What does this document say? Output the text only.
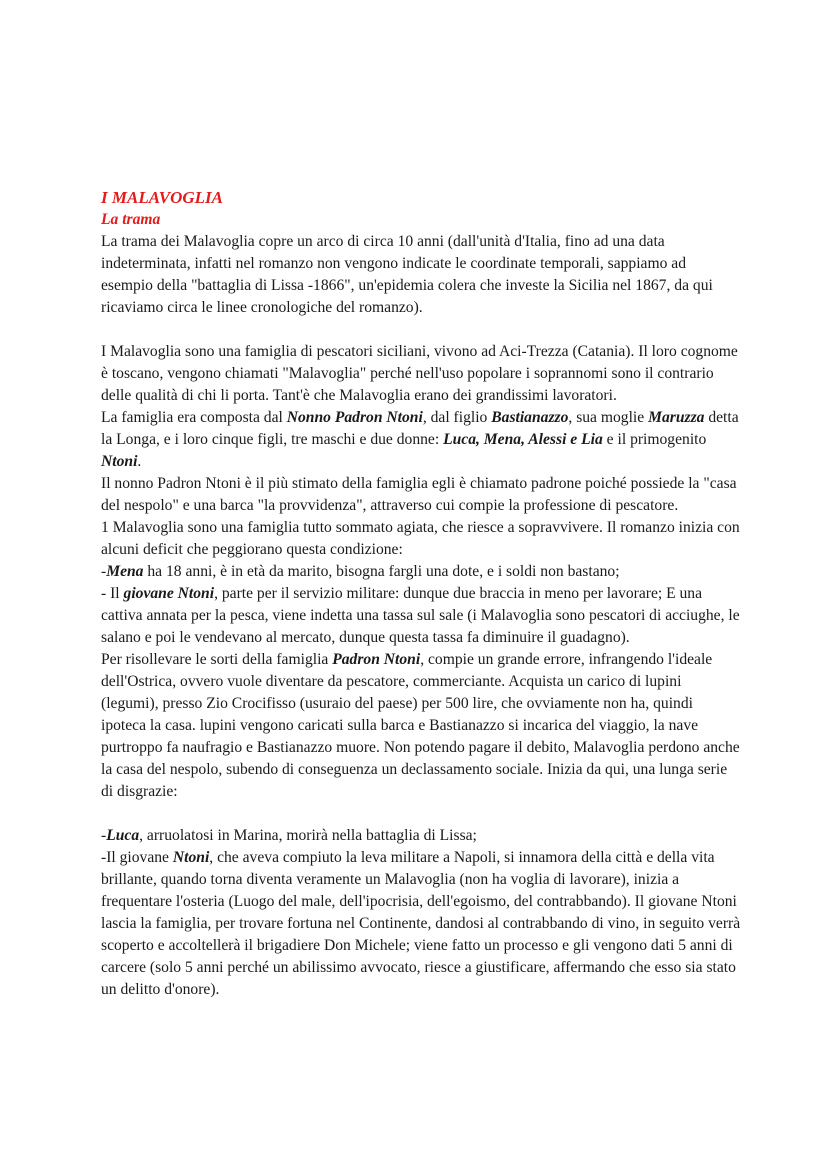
I MALAVOGLIA
La trama

La trama dei Malavoglia copre un arco di circa 10 anni (dall'unità d'Italia, fino ad una data indeterminata, infatti nel romanzo non vengono indicate le coordinate temporali, sappiamo ad esempio della "battaglia di Lissa -1866", un'epidemia colera che investe la Sicilia nel 1867, da qui ricaviamo circa le linee cronologiche del romanzo).

I Malavoglia sono una famiglia di pescatori siciliani, vivono ad Aci-Trezza (Catania). Il loro cognome è toscano, vengono chiamati "Malavoglia" perché nell'uso popolare i soprannomi sono il contrario delle qualità di chi li porta. Tant'è che Malavoglia erano dei grandissimi lavoratori.

La famiglia era composta dal Nonno Padron Ntoni, dal figlio Bastianazzo, sua moglie Maruzza detta la Longa, e i loro cinque figli, tre maschi e due donne: Luca, Mena, Alessi e Lia e il primogenito Ntoni.

Il nonno Padron Ntoni è il più stimato della famiglia egli è chiamato padrone poiché possiede la "casa del nespolo" e una barca "la provvidenza", attraverso cui compie la professione di pescatore.

1 Malavoglia sono una famiglia tutto sommato agiata, che riesce a sopravvivere. Il romanzo inizia con alcuni deficit che peggiorano questa condizione:

-Mena ha 18 anni, è in età da marito, bisogna fargli una dote, e i soldi non bastano;

- Il giovane Ntoni, parte per il servizio militare: dunque due braccia in meno per lavorare; E una cattiva annata per la pesca, viene indetta una tassa sul sale (i Malavoglia sono pescatori di acciughe, le salano e poi le vendevano al mercato, dunque questa tassa fa diminuire il guadagno).

Per risollevare le sorti della famiglia Padron Ntoni, compie un grande errore, infrangendo l'ideale dell'Ostrica, ovvero vuole diventare da pescatore, commerciante. Acquista un carico di lupini (legumi), presso Zio Crocifisso (usuraio del paese) per 500 lire, che ovviamente non ha, quindi ipoteca la casa. lupini vengono caricati sulla barca e Bastianazzo si incarica del viaggio, la nave purtroppo fa naufragio e Bastianazzo muore. Non potendo pagare il debito, Malavoglia perdono anche la casa del nespolo, subendo di conseguenza un declassamento sociale. Inizia da qui, una lunga serie di disgrazie:

-Luca, arruolatosi in Marina, morirà nella battaglia di Lissa;

-Il giovane Ntoni, che aveva compiuto la leva militare a Napoli, si innamora della città e della vita brillante, quando torna diventa veramente un Malavoglia (non ha voglia di lavorare), inizia a frequentare l'osteria (Luogo del male, dell'ipocrisia, dell'egoismo, del contrabbando). Il giovane Ntoni lascia la famiglia, per trovare fortuna nel Continente, dandosi al contrabbando di vino, in seguito verrà scoperto e accoltellerà il brigadiere Don Michele; viene fatto un processo e gli vengono dati 5 anni di carcere (solo 5 anni perché un abilissimo avvocato, riesce a giustificare, affermando che esso sia stato un delitto d'onore).
